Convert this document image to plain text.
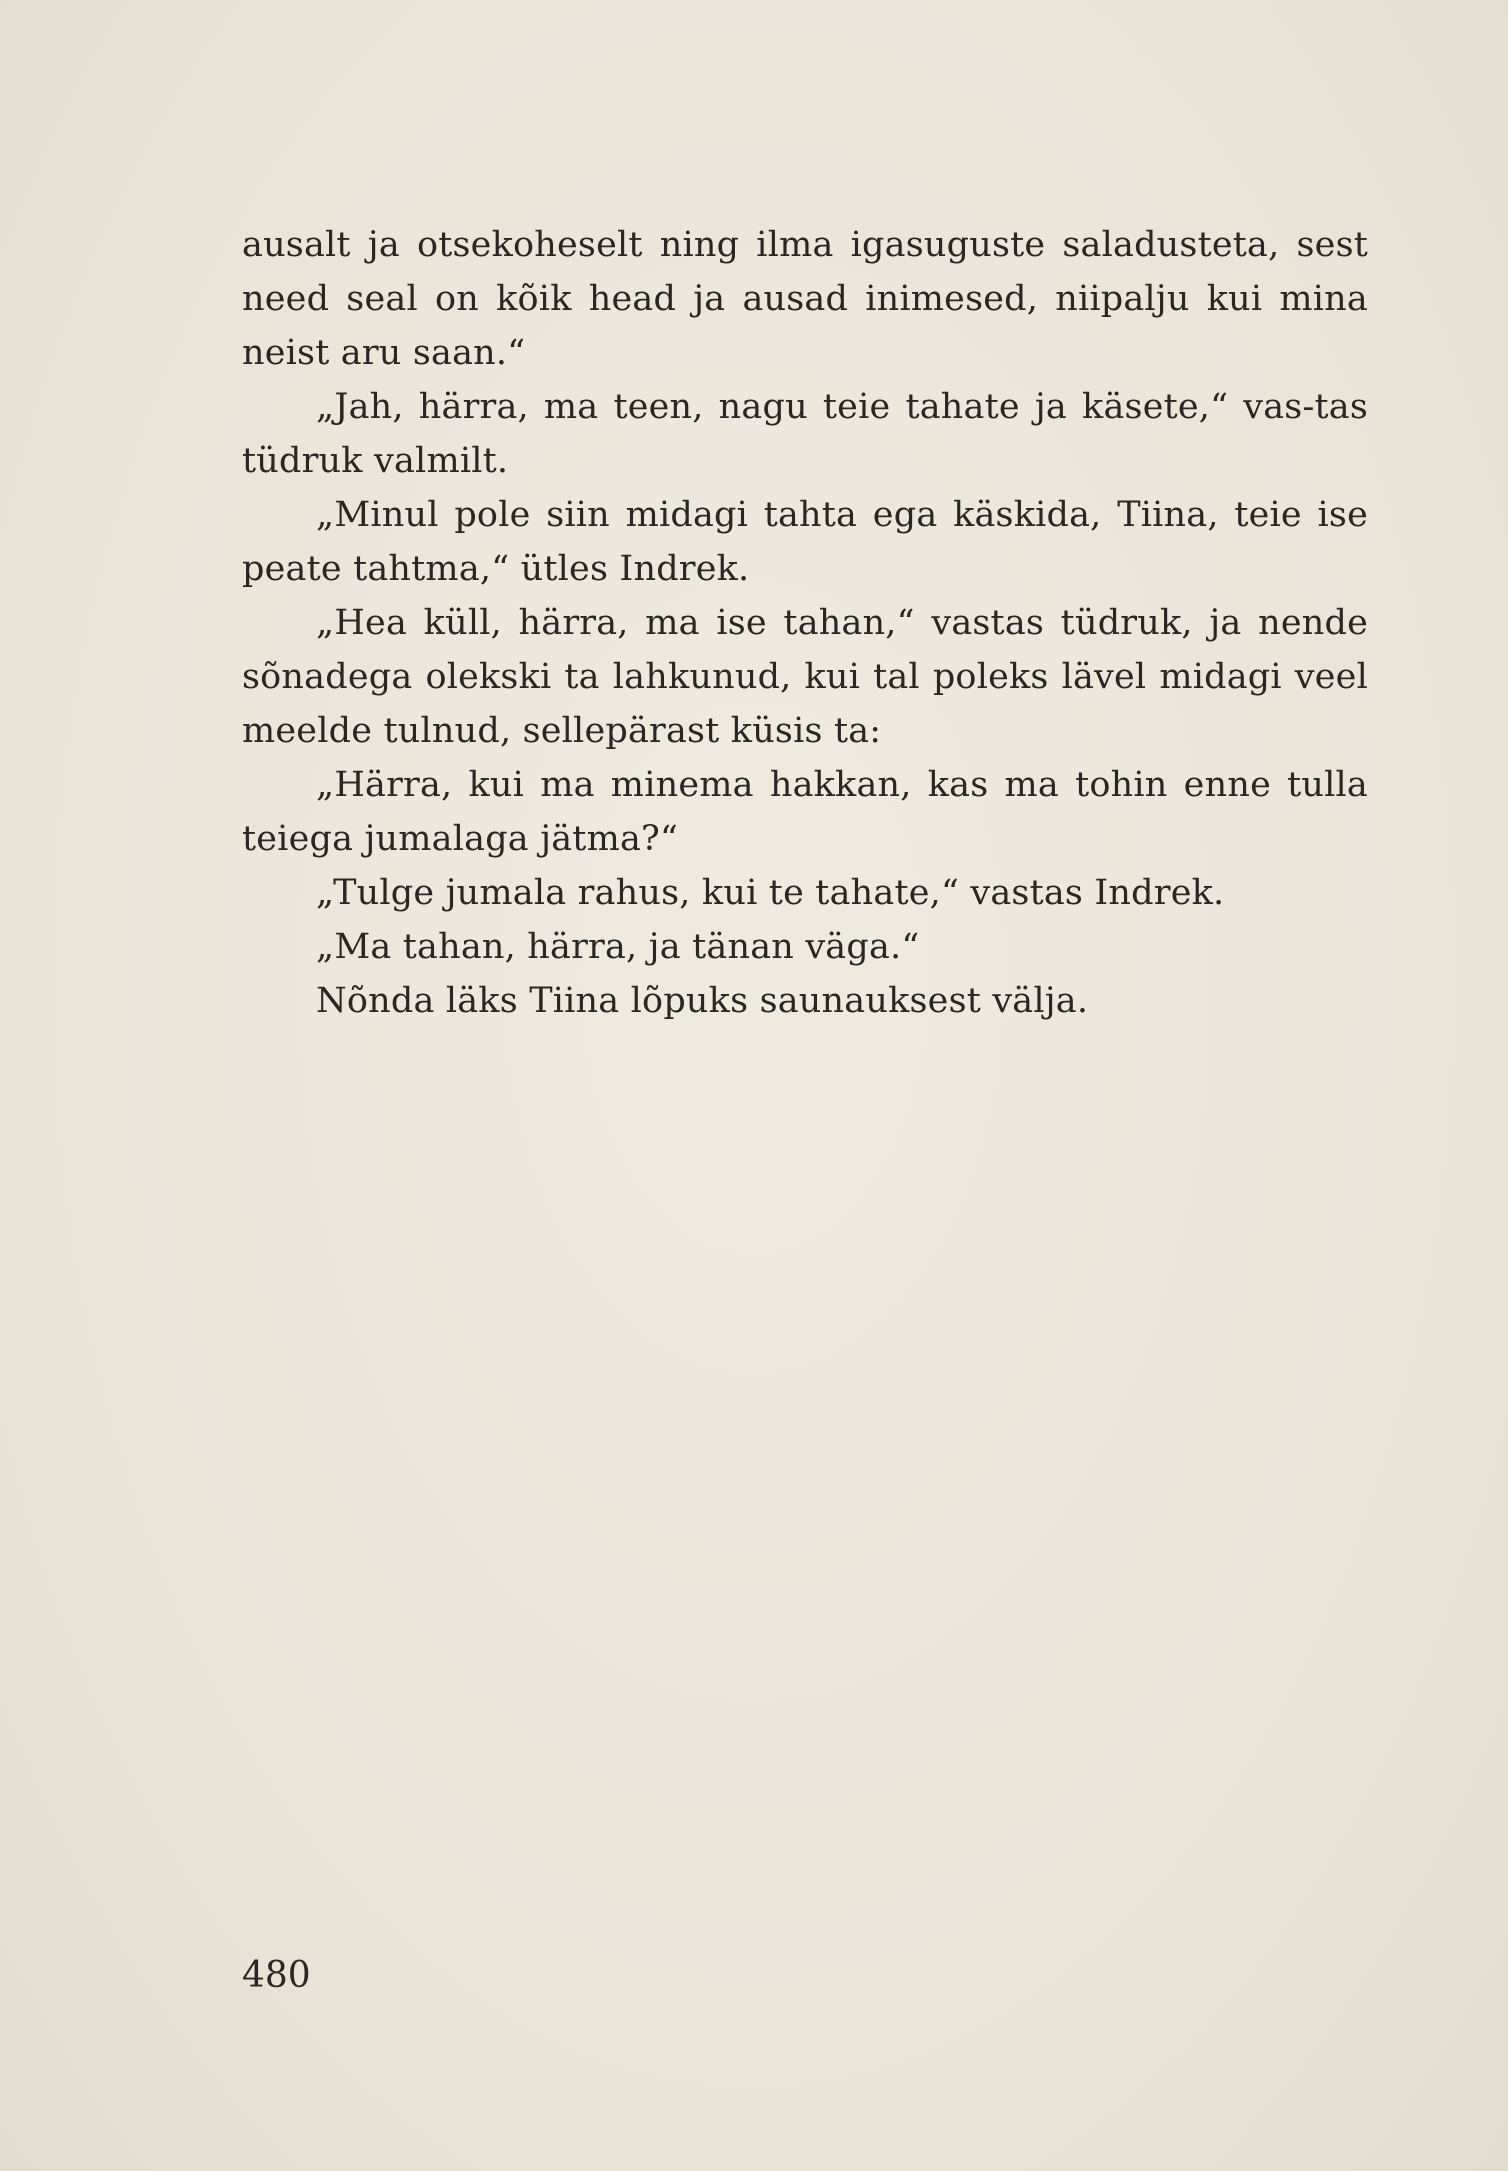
ausalt ja otsekoheselt ning ilma igasuguste saladusteta, sest need seal on kõik head ja ausad inimesed, niipalju kui mina neist aru saan.“

„Jah, härra, ma teen, nagu teie tahate ja käsete,“ vas-tas tüdruk valmilt.

„Minul pole siin midagi tahta ega käskida, Tiina, teie ise peate tahtma,“ ütles Indrek.

„Hea küll, härra, ma ise tahan,“ vastas tüdruk, ja nende sõnadega olekski ta lahkunud, kui tal poleks lävel midagi veel meelde tulnud, sellepärast küsis ta:

„Härra, kui ma minema hakkan, kas ma tohin enne tulla teiega jumalaga jätma?“

„Tulge jumala rahus, kui te tahate,“ vastas Indrek.

„Ma tahan, härra, ja tänan väga.“

Nõnda läks Tiina lõpuks saunauksest välja.

480
